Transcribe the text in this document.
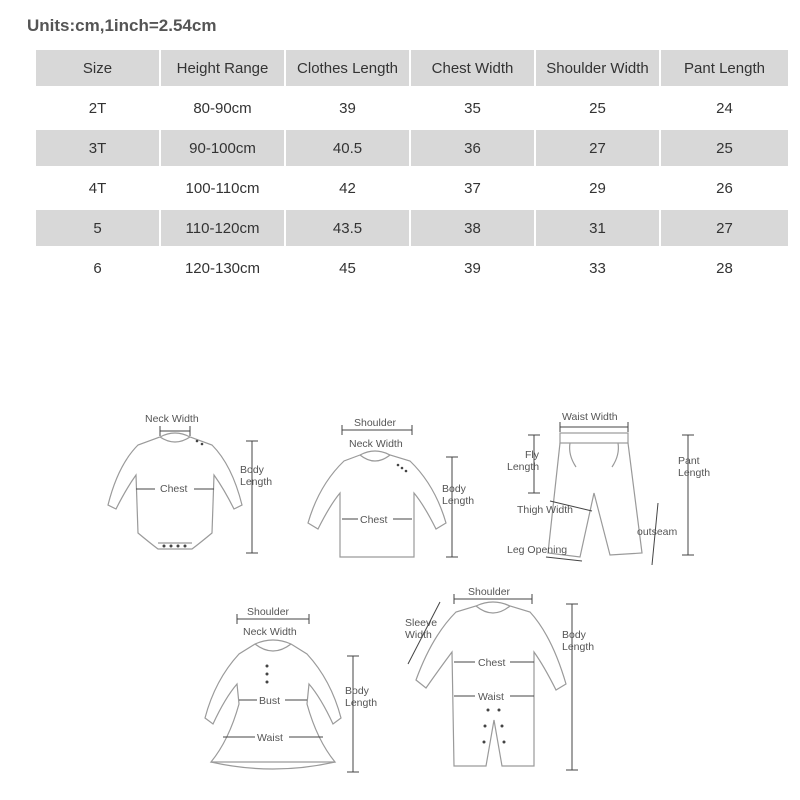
Units:cm,1inch=2.54cm
Size	Height Range	Clothes Length	Chest Width	Shoulder Width	Pant Length
2T	80-90cm	39	35	25	24
3T	90-100cm	40.5	36	27	25
4T	100-110cm	42	37	29	26
5	110-120cm	43.5	38	31	27
6	120-130cm	45	39	33	28
Neck Width
Chest
Body
Length
Shoulder
Neck Width
Chest
Body
Length
Waist Width
Fly
Length	Pant
Length
Thigh Width
outseam
Leg Opening
Shoulder
Neck Width
Bust
Waist
Body
Length
Shoulder
Sleeve
Width
Chest
Waist
Body
Length
